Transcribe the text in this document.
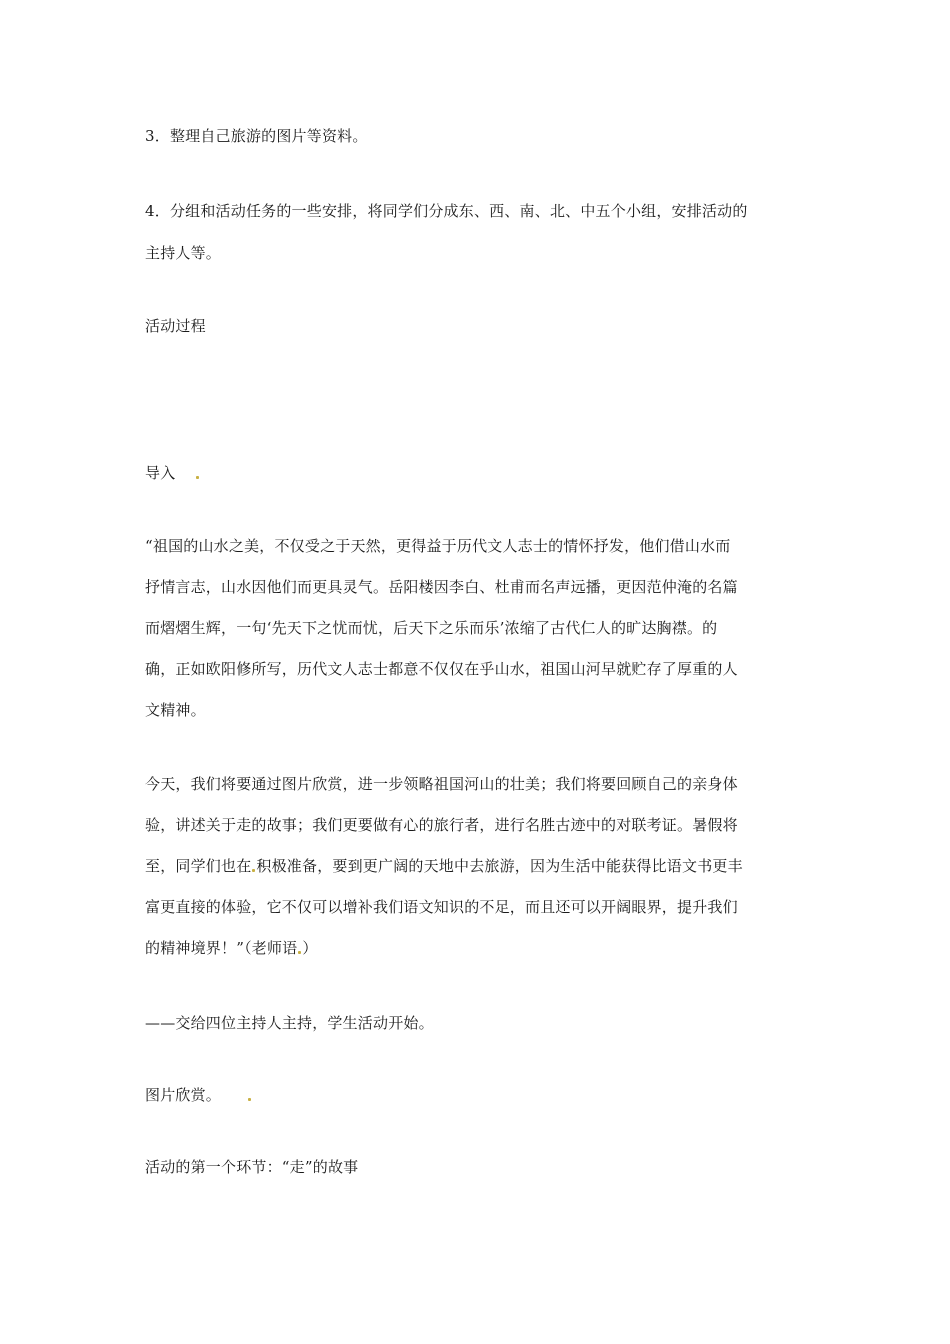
3．整理自己旅游的图片等资料。
4．分组和活动任务的一些安排，将同学们分成东、西、南、北、中五个小组，安排活动的
主持人等。
活动过程
导入
“祖国的山水之美，不仅受之于天然，更得益于历代文人志士的情怀抒发，他们借山水而
抒情言志，山水因他们而更具灵气。岳阳楼因李白、杜甫而名声远播，更因范仲淹的名篇
而熠熠生辉，一句‘先天下之忧而忧，后天下之乐而乐’浓缩了古代仁人的旷达胸襟。的
确，正如欧阳修所写，历代文人志士都意不仅仅在乎山水，祖国山河早就贮存了厚重的人
文精神。
今天，我们将要通过图片欣赏，进一步领略祖国河山的壮美；我们将要回顾自己的亲身体
验，讲述关于走的故事；我们更要做有心的旅行者，进行名胜古迹中的对联考证。暑假将
至，同学们也在 积极准备，要到更广阔的天地中去旅游，因为生活中能获得比语文书更丰
富更直接的体验，它不仅可以增补我们语文知识的不足，而且还可以开阔眼界，提升我们
的精神境界！”（老师语 ）
——交给四位主持人主持，学生活动开始。
图片欣赏。
活动的第一个环节：“走”的故事
